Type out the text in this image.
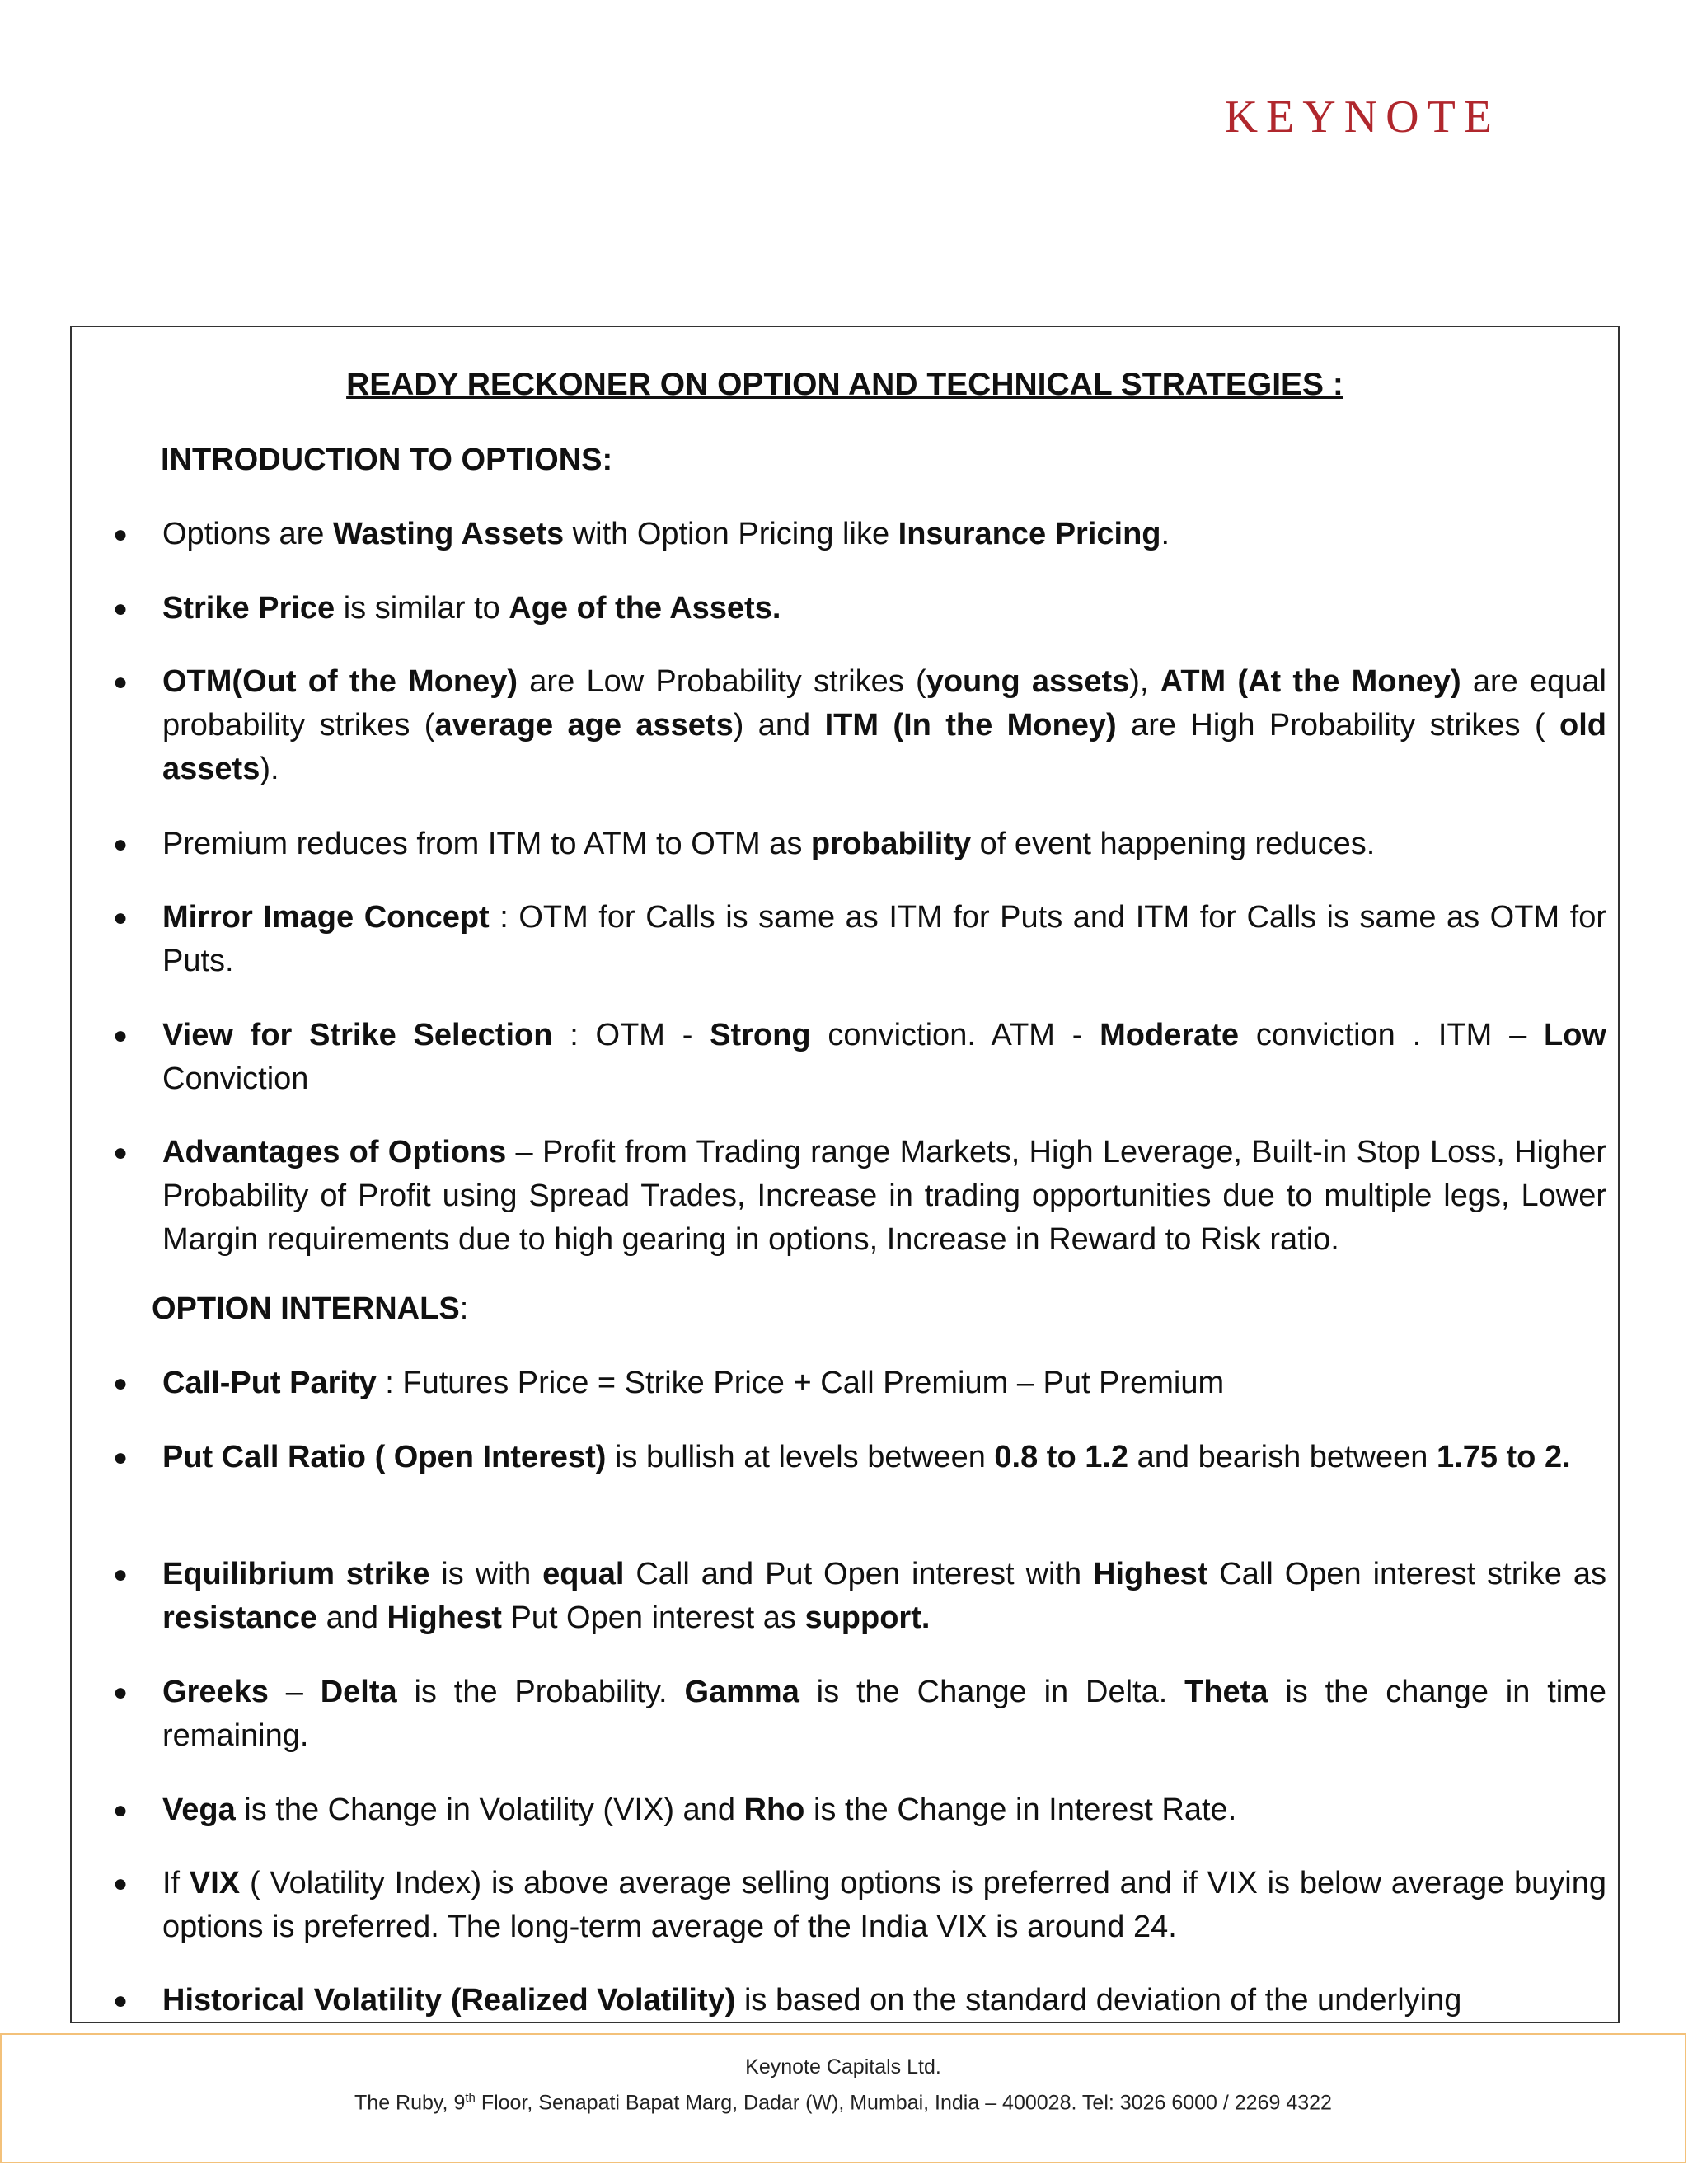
KEYNOTE
READY RECKONER ON OPTION AND TECHNICAL STRATEGIES :
INTRODUCTION TO OPTIONS:
● Options are Wasting Assets with Option Pricing like Insurance Pricing.
● Strike Price is similar to Age of the Assets.
● OTM(Out of the Money) are Low Probability strikes (young assets), ATM (At the Money) are equal probability strikes (average age assets) and ITM (In the Money) are High Probability strikes ( old assets).
● Premium reduces from ITM to ATM to OTM as probability of event happening reduces.
● Mirror Image Concept : OTM for Calls is same as ITM for Puts and ITM for Calls is same as OTM for Puts.
● View for Strike Selection : OTM - Strong conviction. ATM - Moderate conviction . ITM – Low Conviction
● Advantages of Options – Profit from Trading range Markets, High Leverage, Built-in Stop Loss, Higher Probability of Profit using Spread Trades, Increase in trading opportunities due to multiple legs, Lower Margin requirements due to high gearing in options, Increase in Reward to Risk ratio.
OPTION INTERNALS:
● Call-Put Parity : Futures Price = Strike Price + Call Premium – Put Premium
● Put Call Ratio ( Open Interest) is bullish at levels between 0.8 to 1.2 and bearish between 1.75 to 2.
● Equilibrium strike is with equal Call and Put Open interest with Highest Call Open interest strike as resistance and Highest Put Open interest as support.
● Greeks – Delta is the Probability. Gamma is the Change in Delta. Theta is the change in time remaining.
● Vega is the Change in Volatility (VIX) and Rho is the Change in Interest Rate.
● If VIX ( Volatility Index) is above average selling options is preferred and if VIX is below average buying options is preferred. The long-term average of the India VIX is around 24.
● Historical Volatility (Realized Volatility) is based on the standard deviation of the underlying
Keynote Capitals Ltd.
The Ruby, 9th Floor, Senapati Bapat Marg, Dadar (W), Mumbai, India – 400028. Tel: 3026 6000 / 2269 4322
